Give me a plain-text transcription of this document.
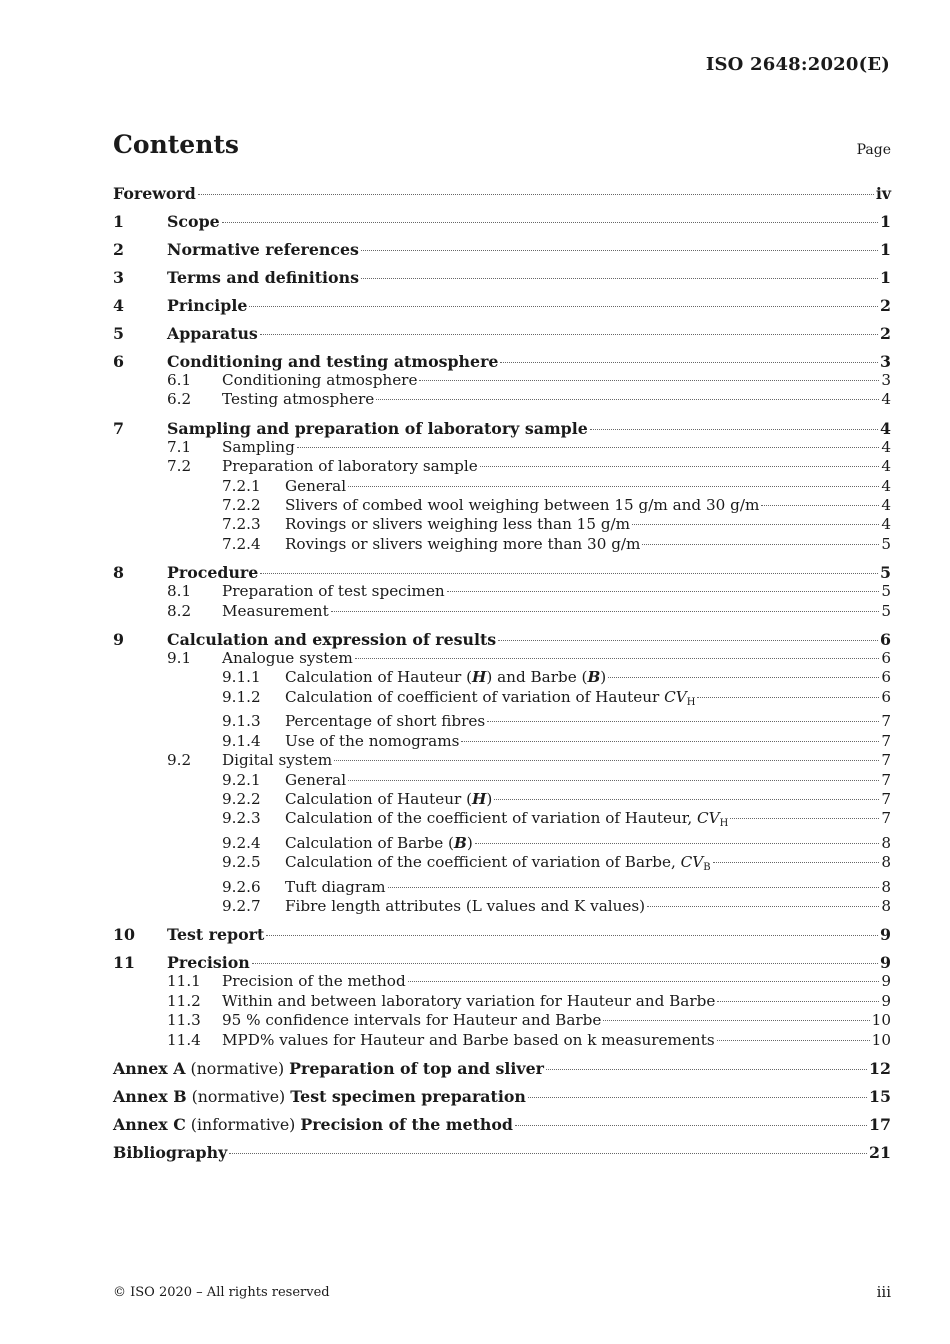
ISO 2648:2020(E)
Contents	Page
Foreword	iv
1	Scope	1
2	Normative references	1
3	Terms and definitions	1
4	Principle	2
5	Apparatus	2
6	Conditioning and testing atmosphere	3
6.1	Conditioning atmosphere	3
6.2	Testing atmosphere	4
7	Sampling and preparation of laboratory sample	4
7.1	Sampling	4
7.2	Preparation of laboratory sample	4
7.2.1	General	4
7.2.2	Slivers of combed wool weighing between 15 g/m and 30 g/m	4
7.2.3	Rovings or slivers weighing less than 15 g/m	4
7.2.4	Rovings or slivers weighing more than 30 g/m	5
8	Procedure	5
8.1	Preparation of test specimen	5
8.2	Measurement	5
9	Calculation and expression of results	6
9.1	Analogue system	6
9.1.1	Calculation of Hauteur (H) and Barbe (B)	6
9.1.2	Calculation of coefficient of variation of Hauteur $CV_H$	6
9.1.3	Percentage of short fibres	7
9.1.4	Use of the nomograms	7
9.2	Digital system	7
9.2.1	General	7
9.2.2	Calculation of Hauteur (H)	7
9.2.3	Calculation of the coefficient of variation of Hauteur, $CV_H$	7
9.2.4	Calculation of Barbe (B)	8
9.2.5	Calculation of the coefficient of variation of Barbe, $CV_B$	8
9.2.6	Tuft diagram	8
9.2.7	Fibre length attributes (L values and K values)	8
10	Test report	9
11	Precision	9
11.1	Precision of the method	9
11.2	Within and between laboratory variation for Hauteur and Barbe	9
11.3	95 % confidence intervals for Hauteur and Barbe	10
11.4	MPD% values for Hauteur and Barbe based on k measurements	10
Annex A (normative) Preparation of top and sliver	12
Annex B (normative) Test specimen preparation	15
Annex C (informative) Precision of the method	17
Bibliography	21
© ISO 2020 – All rights reserved	iii
